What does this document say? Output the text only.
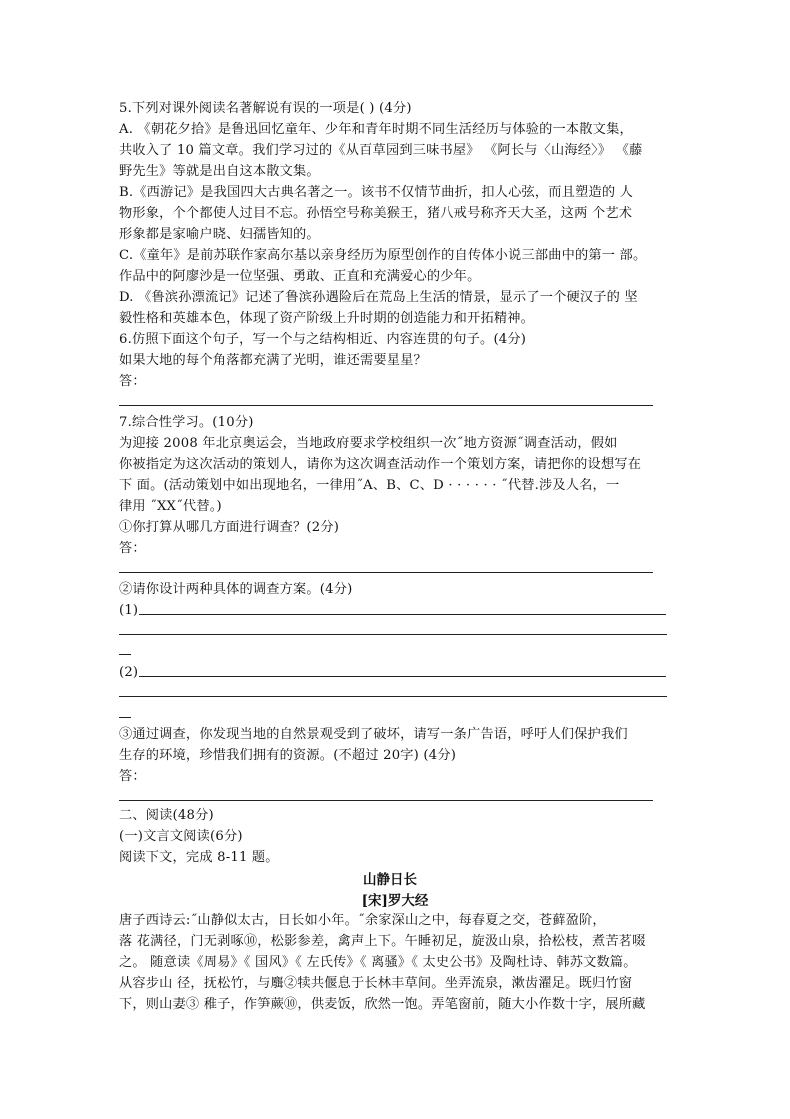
5.下列对课外阅读名著解说有误的一项是( ) (4分)
A. 《朝花夕拾》是鲁迅回忆童年、少年和青年时期不同生活经历与体验的一本散文集，
共收入了 10 篇文章。我们学习过的《从百草园到三味书屋》 《阿长与〈山海经〉》 《藤
野先生》等就是出自这本散文集。
B.《西游记》是我国四大古典名著之一。该书不仅情节曲折，扣人心弦，而且塑造的 人
物形象，个个都使人过目不忘。孙悟空号称美猴王，猪八戒号称齐天大圣，这两 个艺术
形象都是家喻户晓、妇孺皆知的。
C.《童年》是前苏联作家高尔基以亲身经历为原型创作的自传体小说三部曲中的第一 部。
作品中的阿廖沙是一位坚强、勇敢、正直和充满爱心的少年。
D. 《鲁滨孙漂流记》记述了鲁滨孙遇险后在荒岛上生活的情景，显示了一个硬汉子的 坚
毅性格和英雄本色，体现了资产阶级上升时期的创造能力和开拓精神。
6.仿照下面这个句子，写一个与之结构相近、内容连贯的句子。(4分)
如果大地的每个角落都充满了光明，谁还需要星星？
答：
7.综合性学习。(10分)
为迎接 2008 年北京奥运会，当地政府要求学校组织一次˝地方资源˝调查活动，假如
你被指定为这次活动的策划人，请你为这次调查活动作一个策划方案，请把你的设想写在
下 面。(活动策划中如出现地名，一律用˝A、B、C、D · · · · · · ˝代替.涉及人名，一
律用 ˝XX˝代替。)
①你打算从哪几方面进行调查？(2分)
答：
②请你设计两种具体的调查方案。(4分)
(1)
(2)
③通过调查，你发现当地的自然景观受到了破坏，请写一条广告语，呼吁人们保护我们
生存的环境，珍惜我们拥有的资源。(不超过 20字) (4分)
答：
二、阅读(48分)
(一)文言文阅读(6分)
阅读下文，完成 8-11 题。
山静日长
[宋]罗大经
唐子西诗云:˝山静似太古，日长如小年。˝余家深山之中，每春夏之交，苍藓盈阶，
落 花满径，门无剥啄⑩，松影参差，禽声上下。午睡初足，旋汲山泉，拾松枝，煮苦茗啜
之。 随意读《周易》《 国风》《 左氏传》《 离骚》《 太史公书》及陶杜诗、韩苏文数篇。
从容步山 径，抚松竹，与麛②犊共偃息于长林丰草间。坐弄流泉，漱齿濯足。既归竹窗
下，则山妻③ 稚子，作笋蕨⑩，供麦饭，欣然一饱。弄笔窗前，随大小作数十字，展所藏
